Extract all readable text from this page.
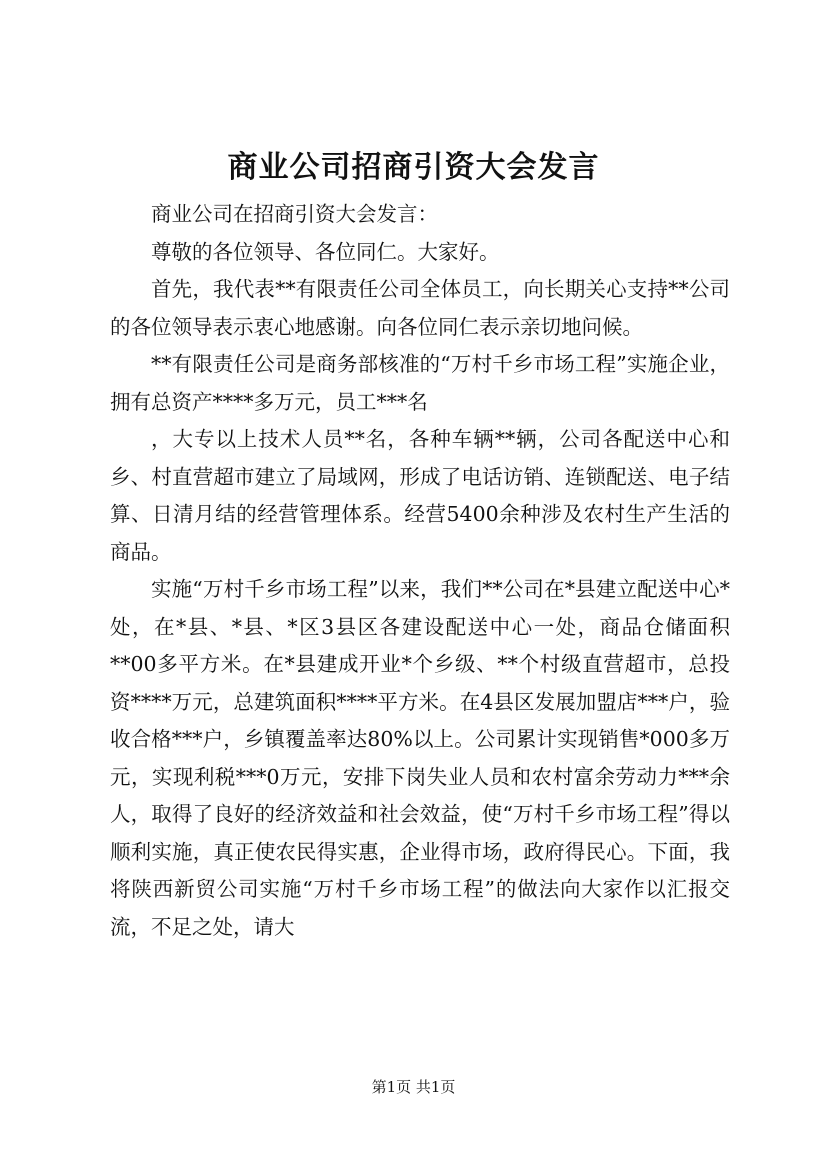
商业公司招商引资大会发言

商业公司在招商引资大会发言：

尊敬的各位领导、各位同仁。大家好。

首先，我代表**有限责任公司全体员工，向长期关心支持**公司的各位领导表示衷心地感谢。向各位同仁表示亲切地问候。

**有限责任公司是商务部核准的“万村千乡市场工程”实施企业，拥有总资产****多万元，员工***名

，大专以上技术人员**名，各种车辆**辆，公司各配送中心和乡、村直营超市建立了局域网，形成了电话访销、连锁配送、电子结算、日清月结的经营管理体系。经营5400余种涉及农村生产生活的商品。

实施“万村千乡市场工程”以来，我们**公司在*县建立配送中心*处，在*县、*县、*区3县区各建设配送中心一处，商品仓储面积**00多平方米。在*县建成开业*个乡级、**个村级直营超市，总投资****万元，总建筑面积****平方米。在4县区发展加盟店***户，验收合格***户，乡镇覆盖率达80%以上。公司累计实现销售*000多万元，实现利税***0万元，安排下岗失业人员和农村富余劳动力***余人，取得了良好的经济效益和社会效益，使“万村千乡市场工程”得以顺利实施，真正使农民得实惠，企业得市场，政府得民心。下面，我将陕西新贸公司实施“万村千乡市场工程”的做法向大家作以汇报交流，不足之处，请大

第1页 共1页
